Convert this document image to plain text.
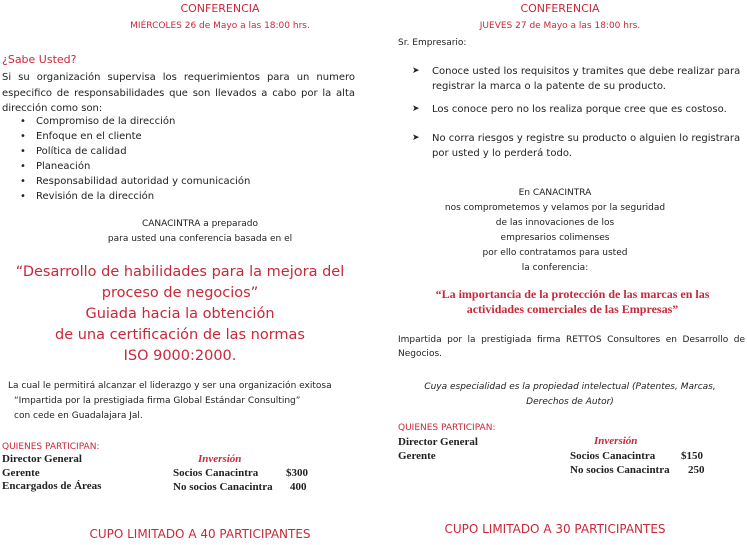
CONFERENCIA
MIÉRCOLES 26 de Mayo a las 18:00 hrs.
¿Sabe Usted?
Si su organización supervisa los requerimientos para un numero especifico de responsabilidades que son llevados a cabo por la alta dirección como son:
• Compromiso de la dirección
• Enfoque en el cliente
• Política de calidad
• Planeación
• Responsabilidad autoridad y comunicación
• Revisión de la dirección
CANACINTRA a preparado
para usted una conferencia basada en el
“Desarrollo de habilidades para la mejora del
proceso de negocios”
Guiada hacia la obtención
de una certificación de las normas
ISO 9000:2000.
La cual le permitirá alcanzar el liderazgo y ser una organización exitosa
“Impartida por la prestigiada firma Global Estándar Consulting”
con cede en Guadalajara Jal.
QUIENES PARTICIPAN:
Director General
Gerente
Encargados de Áreas
Inversión
Socios Canacintra	$300
No socios Canacintra 400
CUPO LIMITADO A 40 PARTICIPANTES
CONFERENCIA
JUEVES 27 de Mayo a las 18:00 hrs.
Sr. Empresario:
➤ Conoce usted los requisitos y tramites que debe realizar para registrar la marca o la patente de su producto.
➤ Los conoce pero no los realiza porque cree que es costoso.
➤ No corra riesgos y registre su producto o alguien lo registrara por usted y lo perderá todo.
En CANACINTRA
nos comprometemos y velamos por la seguridad
de las innovaciones de los
empresarios colimenses
por ello contratamos para usted
la conferencia:
“La importancia de la protección de las marcas en las
actividades comerciales de las Empresas”
Impartida por la prestigiada firma RETTOS Consultores en Desarrollo de Negocios.
Cuya especialidad es la propiedad intelectual (Patentes, Marcas,
Derechos de Autor)
QUIENES PARTICIPAN:
Director General
Gerente
Inversión
Socios Canacintra $150
No socios Canacintra 250
CUPO LIMITADO A 30 PARTICIPANTES
